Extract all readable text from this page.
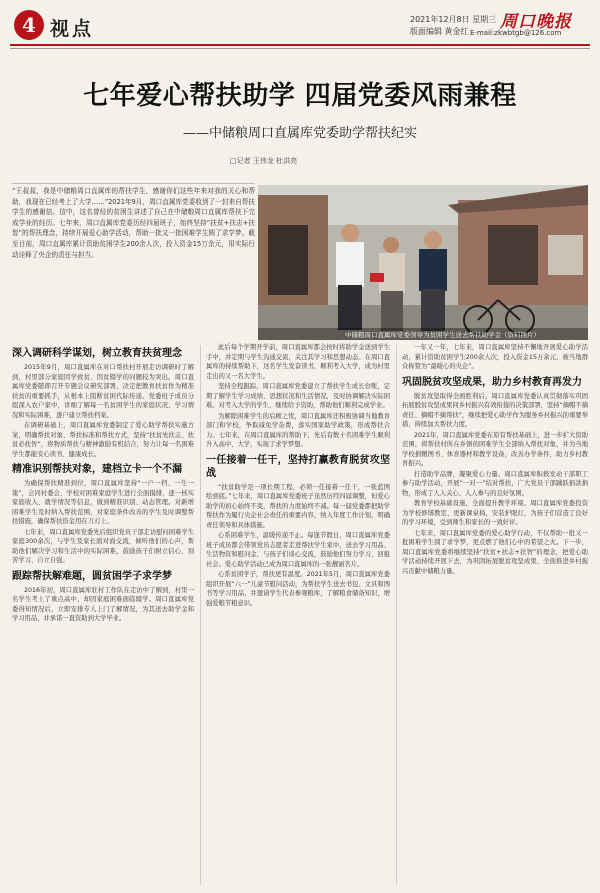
4 视点	2021年12月8日 星期三
版面编辑 黄金红 周口晚报
E-mail:zkwbtgb@126.com
七年爱心帮扶助学 四届党委风雨兼程
——中储粮周口直属库党委助学帮扶纪实
□记者 王伟龙 杜洪亮
“王叔叔，我是中储粮周口直属库的帮扶学生，感谢你们这些年来对我的关心和帮助，我现在已经考上了大学……”2021年9月，周口直属库党委收到了一封来自帮扶学生的感谢信。信中，这名曾经的贫困生讲述了自己在中储粮周口直属库帮扶下完成学业的经历。七年来，周口直属库党委历经四届班子，始终坚持“扶贫+扶志+扶智”的帮扶理念，持续开展爱心助学活动，帮助一批又一批困难学生圆了求学梦。截至目前，周口直属库累计资助贫困学生200余人次，投入资金15万余元，用实际行动诠释了央企的责任与担当。
中储粮周口直属库党委领导为贫困学生送去帮扶助学金（资料图片）
深入调研科学谋划，树立教育扶贫理念

2015年9月，周口直属库在对口帮扶村开展走访调研时了解到，村里部分家庭因学致贫、因贫辍学的问题较为突出。周口直属库党委随即召开专题会议研究部署，决定把教育扶贫作为精准扶贫的重要抓手，从根本上阻断贫困代际传递。党委班子成员分组深入农户家中，详细了解每一名贫困学生的家庭状况、学习情况和实际困难，逐户建立帮扶档案。

在调研基础上，周口直属库党委制定了爱心助学帮扶实施方案，明确帮扶对象、帮扶标准和帮扶方式，坚持“扶贫先扶志、扶贫必扶智”，将物质帮扶与精神激励有机结合，努力让每一名困难学生都能安心读书、健康成长。

精准识别帮扶对象，建档立卡一个不漏

为确保帮扶精准到位，周口直属库坚持“一户一档、一生一策”，会同村委会、学校对困难家庭学生进行全面摸排，逐一核实家庭收入、就学情况等信息，做到精准识别、动态管理。对新增困难学生及时纳入帮扶范围，对家庭条件改善的学生及时调整帮扶措施，确保帮扶资金用在刀刃上。

七年来，周口直属库党委先后组织党员干部走访慰问困难学生家庭300余次，与学生及家长面对面交流，倾听他们的心声，帮助他们解决学习和生活中的实际困难，鼓励孩子们树立信心、刻苦学习、自立自强。

跟踪帮扶解难题，圆贫困学子求学梦

2016年初，周口直属库驻村工作队在走访中了解到，村里一名学生考上了重点高中，却因家庭困难面临辍学。周口直属库党委得知情况后，立即安排专人上门了解情况，为其送去助学金和学习用品，并承诺一直资助到大学毕业。

此后每个学期开学前，周口直属库都会按时将助学金送到学生手中，并定期与学生沟通交流，关注其学习和思想动态。在周口直属库的持续帮助下，这名学生发奋读书，顺利考入大学，成为村里走出的又一名大学生。

坚持全程跟踪，周口直属库党委建立了帮扶学生成长台账，定期了解学生学习成绩、思想状况和生活情况，及时协调解决实际困难。对考入大学的学生，继续给予资助，帮助他们顺利完成学业。

为解除困难学生的后顾之忧，周口直属库还积极协调当地教育部门和学校，争取减免学杂费，落实国家助学政策，形成帮扶合力。七年来，在周口直属库的帮助下，先后有数十名困难学生顺利升入高中、大学，实现了求学梦想。

一任接着一任干，坚持打赢教育脱贫攻坚战

“扶贫助学是一项长期工程，必须一任接着一任干，一张蓝图绘到底。”七年来，周口直属库党委班子虽然历经四届调整，但爱心助学的初心始终不变，帮扶的力度始终不减。每一届党委都把助学帮扶作为履行央企社会责任的重要内容，纳入年度工作计划，明确责任领导和具体措施。

心系困难学生，温暖传递不止。每逢节假日，周口直属库党委班子成员都会带领党员志愿者走进帮扶学生家中，送去学习用品、生活物资和慰问金，与孩子们谈心交流，鼓励他们努力学习、回报社会。爱心助学活动已成为周口直属库的一张靓丽名片。

心系贫困学子，帮扶更有温度。2021年5月，周口直属库党委组织开展“六一”儿童节慰问活动，为帮扶学生送去书包、文具和图书等学习用品，并邀请学生代表参观粮库，了解粮食储备知识，增强爱粮节粮意识。

一年又一年，七年来，周口直属库坚持不懈地开展爱心助学活动，累计资助贫困学生200余人次，投入资金15万余元，被当地群众称赞为“最暖心的央企”。

巩固脱贫攻坚成果，助力乡村教育再发力

脱贫攻坚取得全面胜利后，周口直属库党委认真贯彻落实巩固拓展脱贫攻坚成果同乡村振兴有效衔接的决策部署，坚持“摘帽不摘责任、摘帽不摘帮扶”，继续把爱心助学作为服务乡村振兴的重要举措，持续加大帮扶力度。

2021年，周口直属库党委在原有帮扶基础上，进一步扩大资助范围，将帮扶村所在乡镇的困难学生全部纳入帮扶对象，并为当地学校捐赠图书、体育器材和教学设备，改善办学条件，助力乡村教育振兴。

打造助学品牌，凝聚爱心力量。周口直属库积极发动干部职工参与助学活动，开展“一对一”结对帮扶，广大党员干部踊跃捐款捐物，形成了人人关心、人人参与的良好氛围。

教育学校基础设施，全面提升教学环境。周口直属库党委投资为学校修缮教室、更新课桌椅，安装护眼灯，为孩子们营造了良好的学习环境，受到师生和家长的一致好评。

七年来，周口直属库党委的爱心助学行动，不仅帮助一批又一批困难学生圆了求学梦，更点燃了他们心中的希望之火。下一步，周口直属库党委将继续坚持“扶贫+扶志+扶智”的理念，把爱心助学活动持续开展下去，为巩固拓展脱贫攻坚成果、全面推进乡村振兴贡献中储粮力量。
